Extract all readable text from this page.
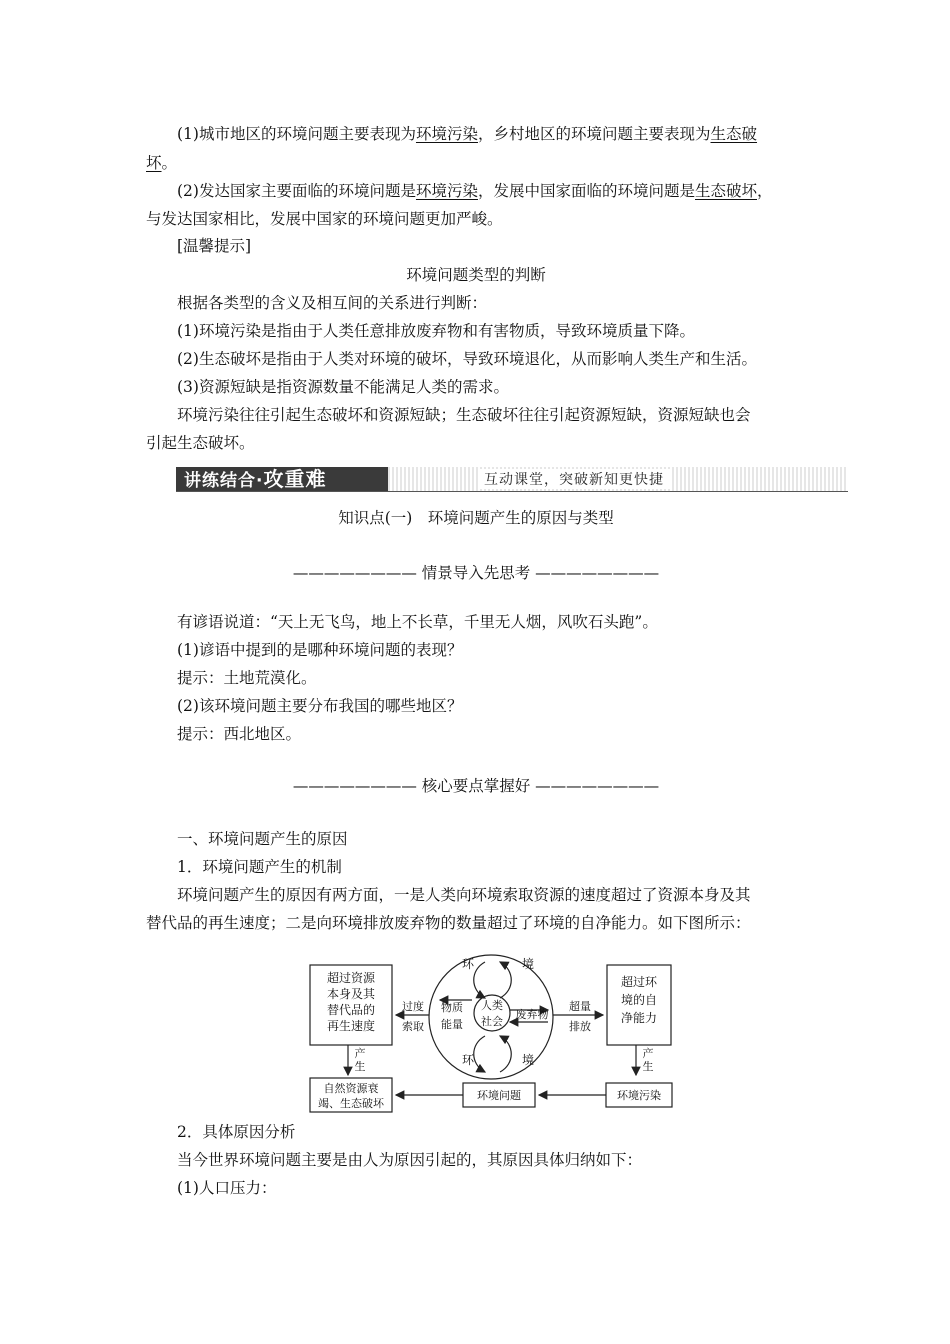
(1)城市地区的环境问题主要表现为环境污染，乡村地区的环境问题主要表现为生态破
坏。
(2)发达国家主要面临的环境问题是环境污染，发展中国家面临的环境问题是生态破坏，
与发达国家相比，发展中国家的环境问题更加严峻。
[温馨提示]
环境问题类型的判断
根据各类型的含义及相互间的关系进行判断：
(1)环境污染是指由于人类任意排放废弃物和有害物质，导致环境质量下降。
(2)生态破坏是指由于人类对环境的破坏，导致环境退化，从而影响人类生产和生活。
(3)资源短缺是指资源数量不能满足人类的需求。
环境污染往往引起生态破坏和资源短缺；生态破坏往往引起资源短缺，资源短缺也会
引起生态破坏。
讲练结合·攻重难	互动课堂，突破新知更快捷
知识点(一)　环境问题产生的原因与类型
———————— 情景导入先思考 ————————
有谚语说道：“天上无飞鸟，地上不长草，千里无人烟，风吹石头跑”。
(1)谚语中提到的是哪种环境问题的表现？
提示：土地荒漠化。
(2)该环境问题主要分布我国的哪些地区？
提示：西北地区。
———————— 核心要点掌握好 ————————
一、环境问题产生的原因
1．环境问题产生的机制
环境问题产生的原因有两方面，一是人类向环境索取资源的速度超过了资源本身及其
替代品的再生速度；二是向环境排放废弃物的数量超过了环境的自净能力。如下图所示：
超过资源
本身及其
替代品的
再生速度
超过环
境的自
净能力
过度
索取
超量
排放
环	境
环	境
物质
能量
人类
社会
废弃物
产
生
产
生
自然资源衰
竭、生态破坏
环境问题	环境污染
2．具体原因分析
当今世界环境问题主要是由人为原因引起的，其原因具体归纳如下：
(1)人口压力：
